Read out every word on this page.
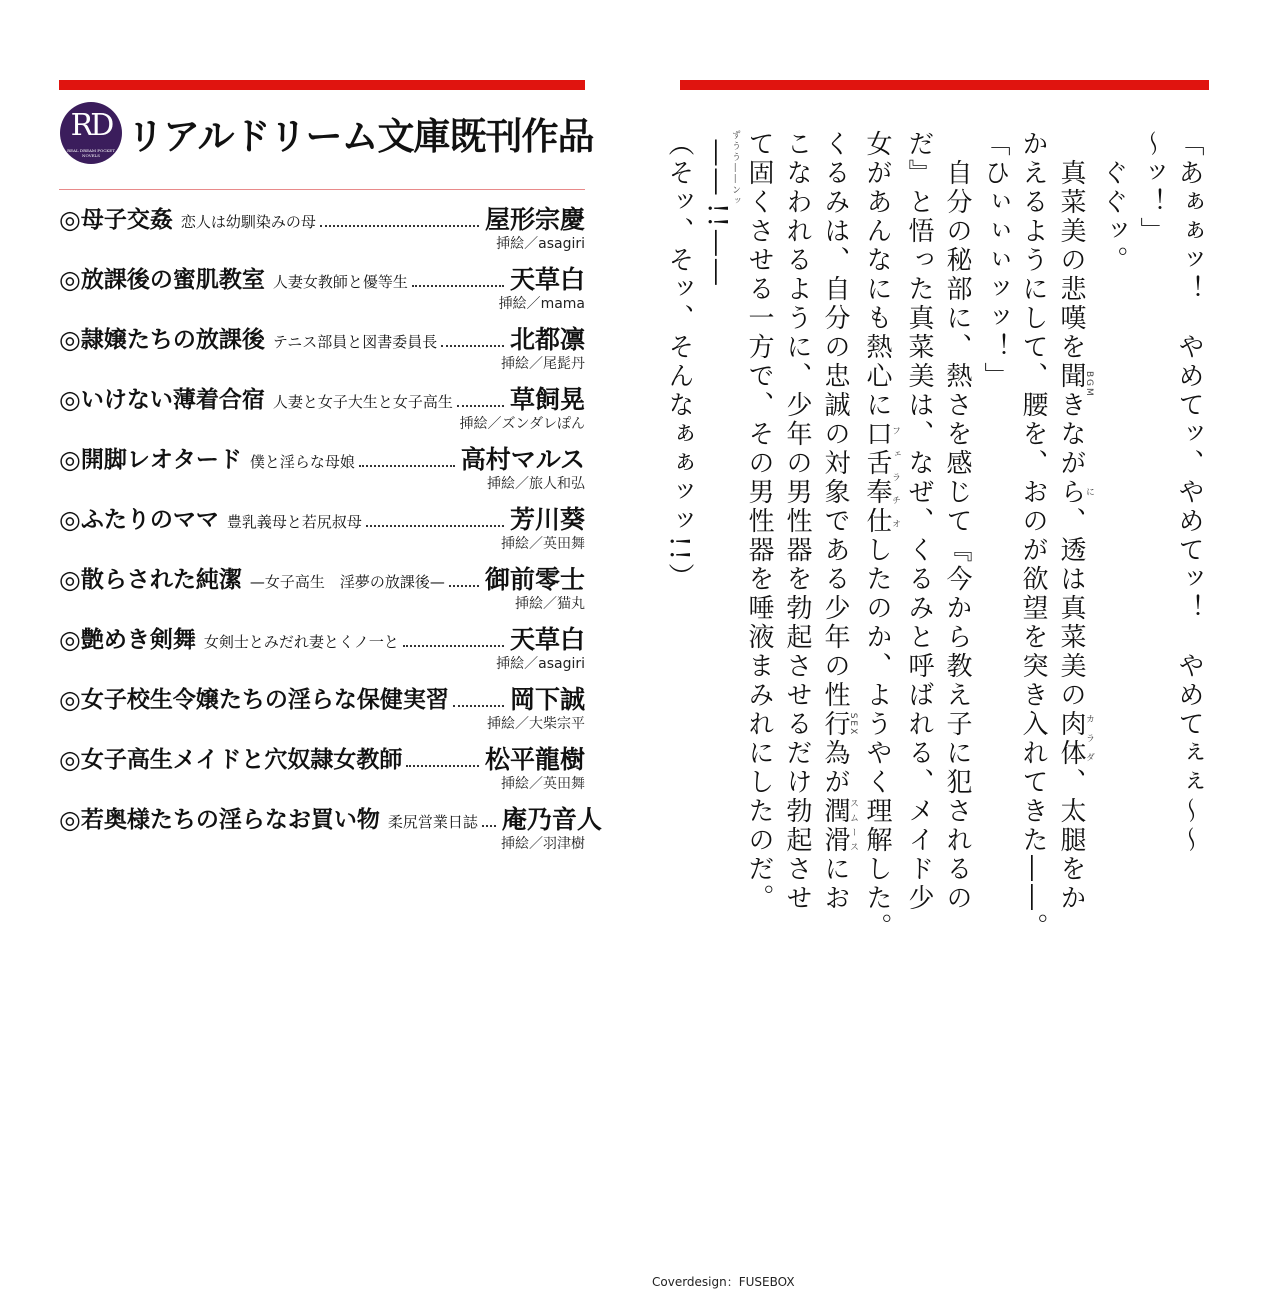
RD
REAL DREAM POCKET NOVELS リアルドリーム文庫既刊作品
◎ 母子交姦 恋人は幼馴染みの母	屋形宗慶
挿絵／asagiri
◎ 放課後の蜜肌教室 人妻女教師と優等生	天草白
挿絵／mama
◎ 隷嬢たちの放課後 テニス部員と図書委員長	北都凛
挿絵／尾髭丹
◎ いけない薄着合宿 人妻と女子大生と女子高生 草飼晃
挿絵／ズンダレぽん
◎ 開脚レオタード 僕と淫らな母娘	高村マルス
挿絵／旅人和弘
◎ ふたりのママ 豊乳義母と若尻叔母	芳川葵
挿絵／英田舞
◎ 散らされた純潔 —女子高生　淫夢の放課後— 御前零士
挿絵／猫丸
◎ 艶めき剣舞 女剣士とみだれ妻とくノ一と	天草白
挿絵／asagiri
◎ 女子校生令嬢たちの淫らな保健実習 岡下誠
挿絵／大柴宗平
◎ 女子高生メイドと穴奴隷女教師	松平龍樹
挿絵／英田舞
◎ 若奥様たちの淫らなお買い物 柔尻営業日誌 庵乃音人
挿絵／羽津樹	「あぁぁッ！　やめてッ、やめてッ！　やめてぇぇ～～
～ッ！」
　ぐぐッ。
　真菜美の悲嘆を聞きながらBGMに、透は真菜美の肉体カラダ、太腿をか
かえるようにして、腰を、おのが欲望を突き入れてきた――。
「ひぃぃぃッッ！」
　自分の秘部に、熱さを感じて『今から教え子に犯されるの
だ』と悟った真菜美は、なぜ、くるみと呼ばれる、メイド少
女があんなにも熱心に口舌奉仕フェラチオしたのか、ようやく理解した。
くるみは、自分の忠誠の対象である少年の性行為SEXが潤滑スムースにお
こなわれるように、少年の男性器を勃起させるだけ勃起させ
て固くさせる一方で、その男性器を唾液まみれにしたのだ。
――ずうう――ンッ!!――
（そッ、そッ、そんなぁぁッッ!!）
Coverdesign：FUSEBOX
